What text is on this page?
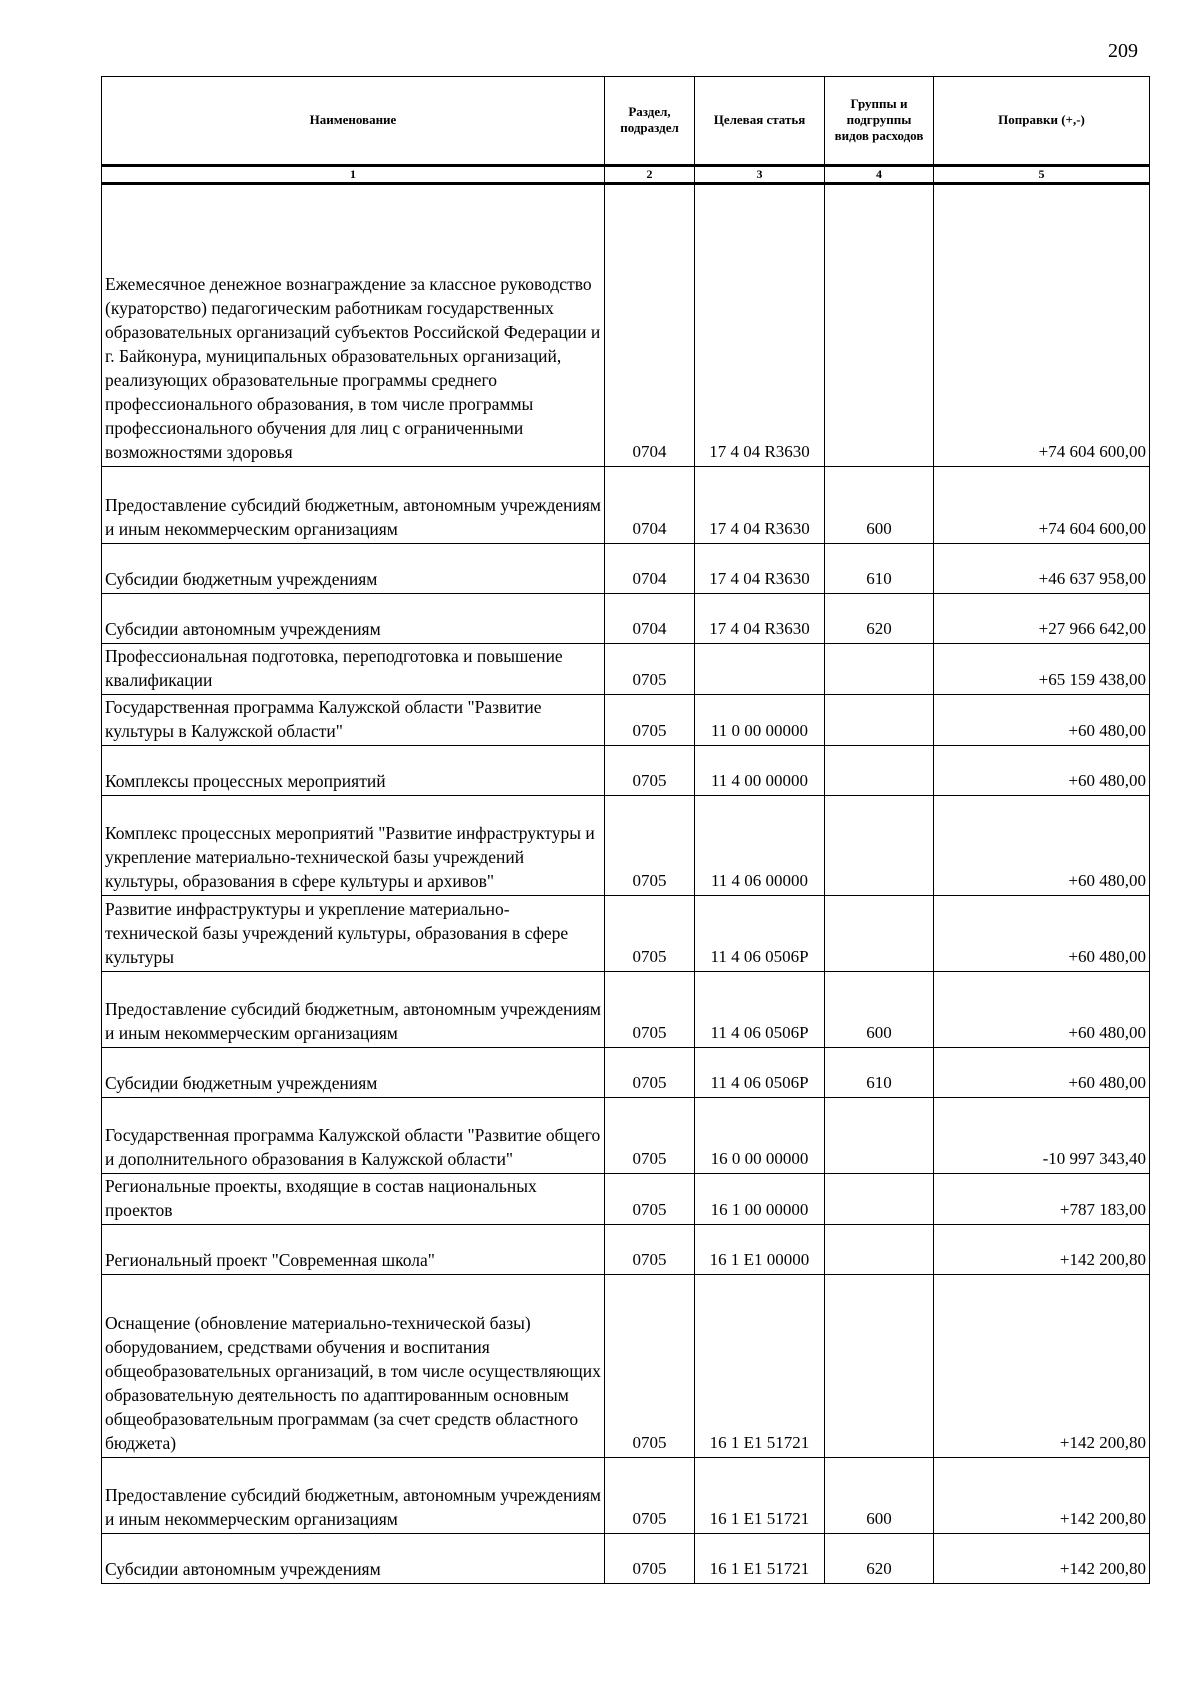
209
Наименование	Раздел, подраздел	Целевая статья	Группы и подгруппы видов расходов	Поправки (+,-)
1	2	3	4	5
Ежемесячное денежное вознаграждение за классное руководство (кураторство) педагогическим работникам государственных образовательных организаций субъектов Российской Федерации и г. Байконура, муниципальных образовательных организаций, реализующих образовательные программы среднего профессионального образования, в том числе программы профессионального обучения для лиц с ограниченными возможностями здоровья	0704	17 4 04 R3630		+74 604 600,00
Предоставление субсидий бюджетным, автономным учреждениям и иным некоммерческим организациям	0704	17 4 04 R3630	600	+74 604 600,00
Субсидии бюджетным учреждениям	0704	17 4 04 R3630	610	+46 637 958,00
Субсидии автономным учреждениям	0704	17 4 04 R3630	620	+27 966 642,00
Профессиональная подготовка, переподготовка и повышение квалификации	0705			+65 159 438,00
Государственная программа Калужской области "Развитие культуры в Калужской области"	0705	11 0 00 00000		+60 480,00
Комплексы процессных мероприятий	0705	11 4 00 00000		+60 480,00
Комплекс процессных мероприятий "Развитие инфраструктуры и укрепление материально-технической базы учреждений культуры, образования в сфере культуры и архивов"	0705	11 4 06 00000		+60 480,00
Развитие инфраструктуры и укрепление материально-технической базы учреждений культуры, образования в сфере культуры	0705	11 4 06 0506Р		+60 480,00
Предоставление субсидий бюджетным, автономным учреждениям и иным некоммерческим организациям	0705	11 4 06 0506Р	600	+60 480,00
Субсидии бюджетным учреждениям	0705	11 4 06 0506Р	610	+60 480,00
Государственная программа Калужской области "Развитие общего и дополнительного образования в Калужской области"	0705	16 0 00 00000		-10 997 343,40
Региональные проекты, входящие в состав национальных проектов	0705	16 1 00 00000		+787 183,00
Региональный проект "Современная школа"	0705	16 1 E1 00000		+142 200,80
Оснащение (обновление материально-технической базы) оборудованием, средствами обучения и воспитания общеобразовательных организаций, в том числе осуществляющих образовательную деятельность по адаптированным основным общеобразовательным программам (за счет средств областного бюджета)	0705	16 1 E1 51721		+142 200,80
Предоставление субсидий бюджетным, автономным учреждениям и иным некоммерческим организациям	0705	16 1 E1 51721	600	+142 200,80
Субсидии автономным учреждениям	0705	16 1 E1 51721	620	+142 200,80
